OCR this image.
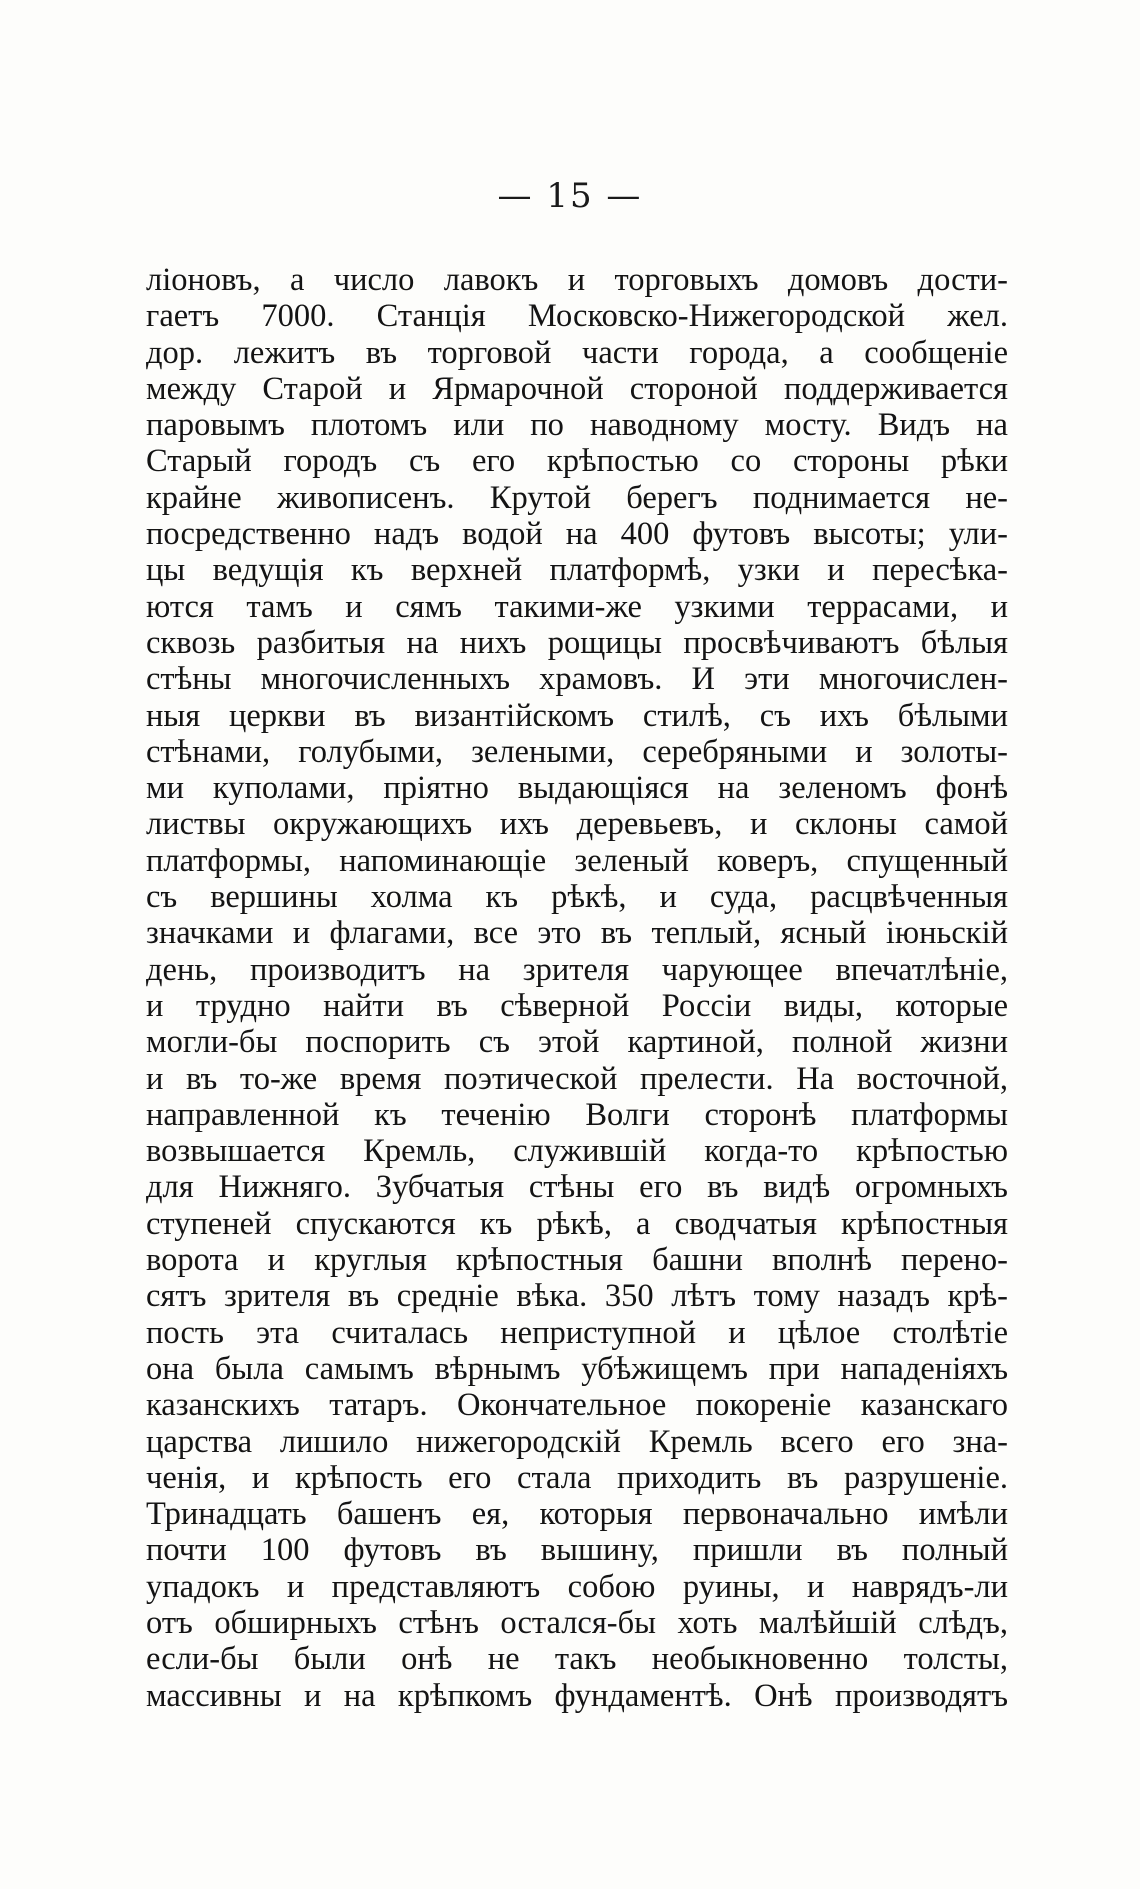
— 15 —
ліоновъ, а число лавокъ и торговыхъ домовъ дости-
гаетъ 7000. Станція Московско-Нижегородской жел.
дор. лежитъ въ торговой части города, а сообщеніе
между Старой и Ярмарочной стороной поддерживается
паровымъ плотомъ или по наводному мосту. Видъ на
Старый городъ съ его крѣпостью со стороны рѣки
крайне живописенъ. Крутой берегъ поднимается не-
посредственно надъ водой на 400 футовъ высоты; ули-
цы ведущія къ верхней платформѣ, узки и пересѣка-
ются тамъ и сямъ такими-же узкими террасами, и
сквозь разбитыя на нихъ рощицы просвѣчиваютъ бѣлыя
стѣны многочисленныхъ храмовъ. И эти многочислен-
ныя церкви въ византійскомъ стилѣ, съ ихъ бѣлыми
стѣнами, голубыми, зелеными, серебряными и золоты-
ми куполами, пріятно выдающіяся на зеленомъ фонѣ
листвы окружающихъ ихъ деревьевъ, и склоны самой
платформы, напоминающіе зеленый коверъ, спущенный
съ вершины холма къ рѣкѣ, и суда, расцвѣченныя
значками и флагами, все это въ теплый, ясный іюньскій
день, производитъ на зрителя чарующее впечатлѣніе,
и трудно найти въ сѣверной Россіи виды, которые
могли-бы поспорить съ этой картиной, полной жизни
и въ то-же время поэтической прелести. На восточной,
направленной къ теченію Волги сторонѣ платформы
возвышается Кремль, служившій когда-то крѣпостью
для Нижняго. Зубчатыя стѣны его въ видѣ огромныхъ
ступеней спускаются къ рѣкѣ, а сводчатыя крѣпостныя
ворота и круглыя крѣпостныя башни вполнѣ перено-
сятъ зрителя въ средніе вѣка. 350 лѣтъ тому назадъ крѣ-
пость эта считалась неприступной и цѣлое столѣтіе
она была самымъ вѣрнымъ убѣжищемъ при нападеніяхъ
казанскихъ татаръ. Окончательное покореніе казанскаго
царства лишило нижегородскій Кремль всего его зна-
ченія, и крѣпость его стала приходить въ разрушеніе.
Тринадцать башенъ ея, которыя первоначально имѣли
почти 100 футовъ въ вышину, пришли въ полный
упадокъ и представляютъ собою руины, и наврядъ-ли
отъ обширныхъ стѣнъ остался-бы хоть малѣйшій слѣдъ,
если-бы были онѣ не такъ необыкновенно толсты,
массивны и на крѣпкомъ фундаментѣ. Онѣ производятъ
